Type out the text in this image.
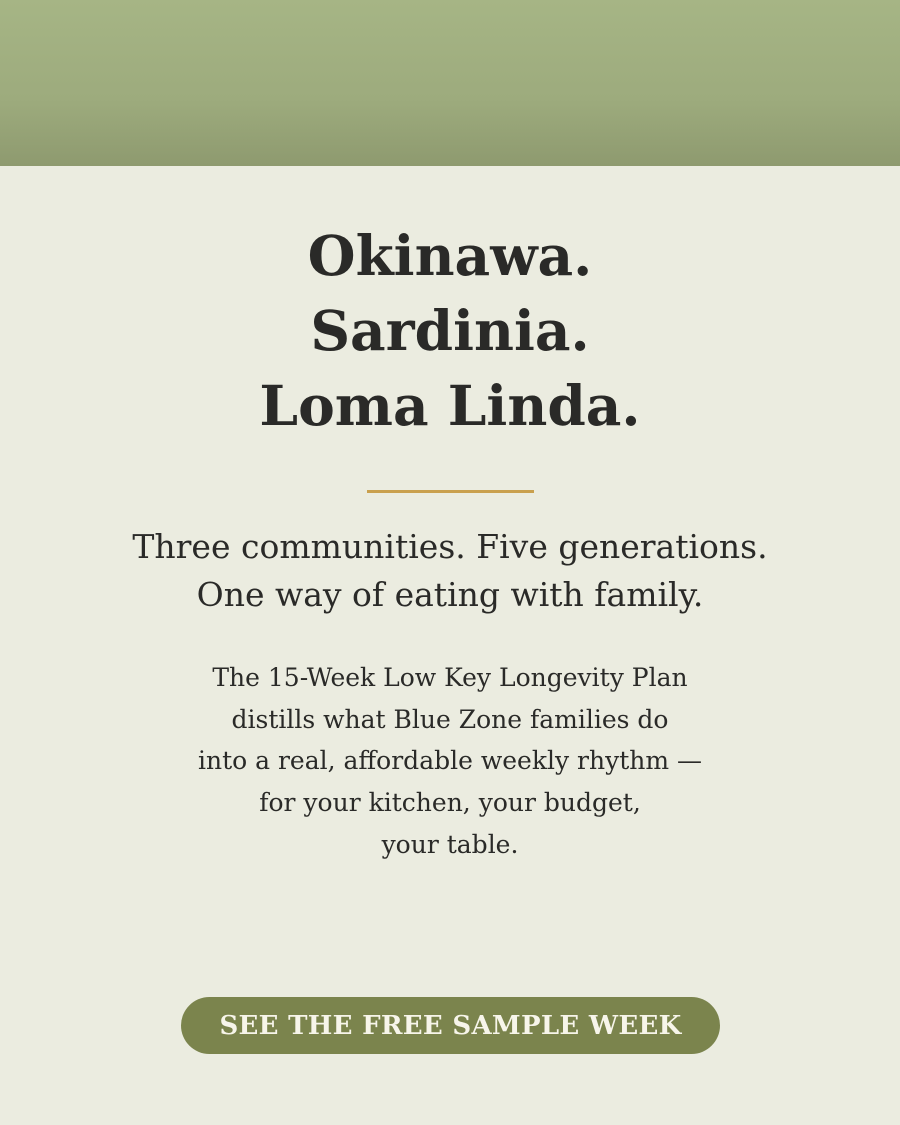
Okinawa.
Sardinia.
Loma Linda.

Three communities. Five generations.
One way of eating with family.

The 15-Week Low Key Longevity Plan
distills what Blue Zone families do
into a real, affordable weekly rhythm —
for your kitchen, your budget,
your table.

SEE THE FREE SAMPLE WEEK
